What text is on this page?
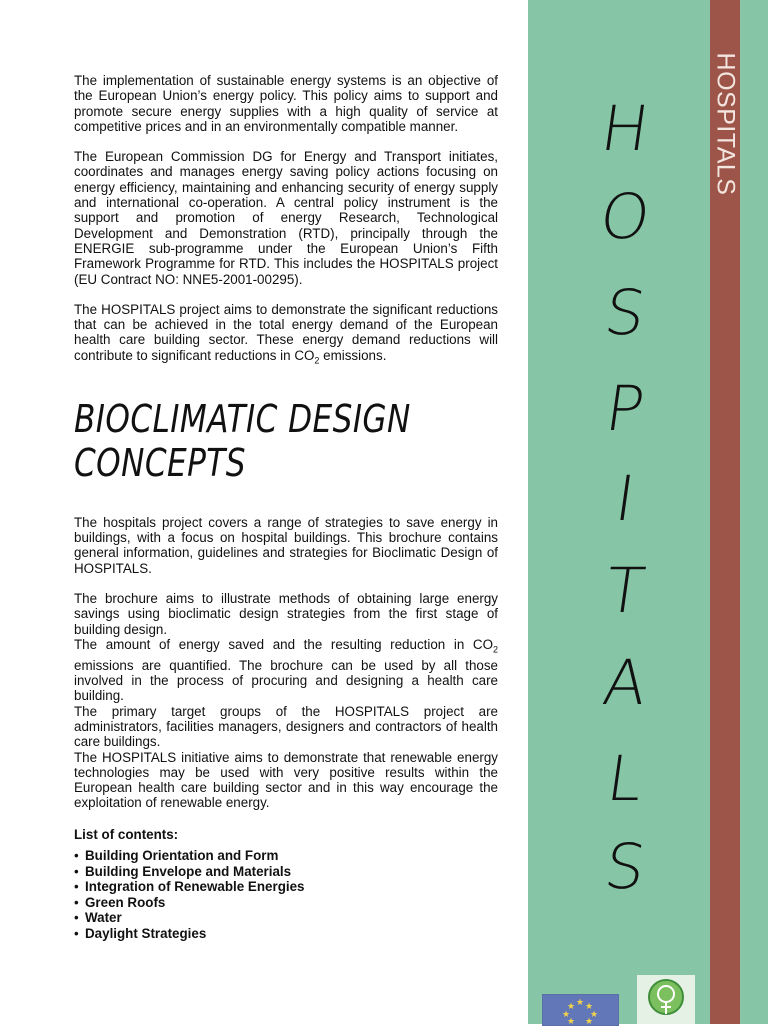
The implementation of sustainable energy systems is an objective of the European Union’s energy policy. This policy aims to support and promote secure energy supplies with a high quality of service at competitive prices and in an environmentally compatible manner.

The European Commission DG for Energy and Transport initiates, coordinates and manages energy saving policy actions focusing on energy efficiency, maintaining and enhancing security of energy supply and international co-operation. A central policy instrument is the support and promotion of energy Research, Technological Development and Demonstration (RTD), principally through the ENERGIE sub-programme under the European Union’s Fifth Framework Programme for RTD. This includes the HOSPITALS project (EU Contract NO: NNE5-2001-00295).

The HOSPITALS project aims to demonstrate the significant reductions that can be achieved in the total energy demand of the European health care building sector. These energy demand reductions will contribute to significant reductions in $CO_2$ emissions.

BIOCLIMATIC DESIGN
CONCEPTS

The hospitals project covers a range of strategies to save energy in buildings, with a focus on hospital buildings. This brochure contains general information, guidelines and strategies for Bioclimatic Design of HOSPITALS.

The brochure aims to illustrate methods of obtaining large energy savings using bioclimatic design strategies from the first stage of building design.

The amount of energy saved and the resulting reduction in $CO_2$ emissions are quantified. The brochure can be used by all those involved in the process of procuring and designing a health care building.

The primary target groups of the HOSPITALS project are administrators, facilities managers, designers and contractors of health care buildings.

The HOSPITALS initiative aims to demonstrate that renewable energy technologies may be used with very positive results within the European health care building sector and in this way encourage the exploitation of renewable energy.

List of contents:
• Building Orientation and Form
• Building Envelope and Materials
• Integration of Renewable Energies
• Green Roofs
• Water
• Daylight Strategies
HOSPITALS
H
O
S
P
I
T
A
L
S
★
★ ★
★ ★
★ ★
